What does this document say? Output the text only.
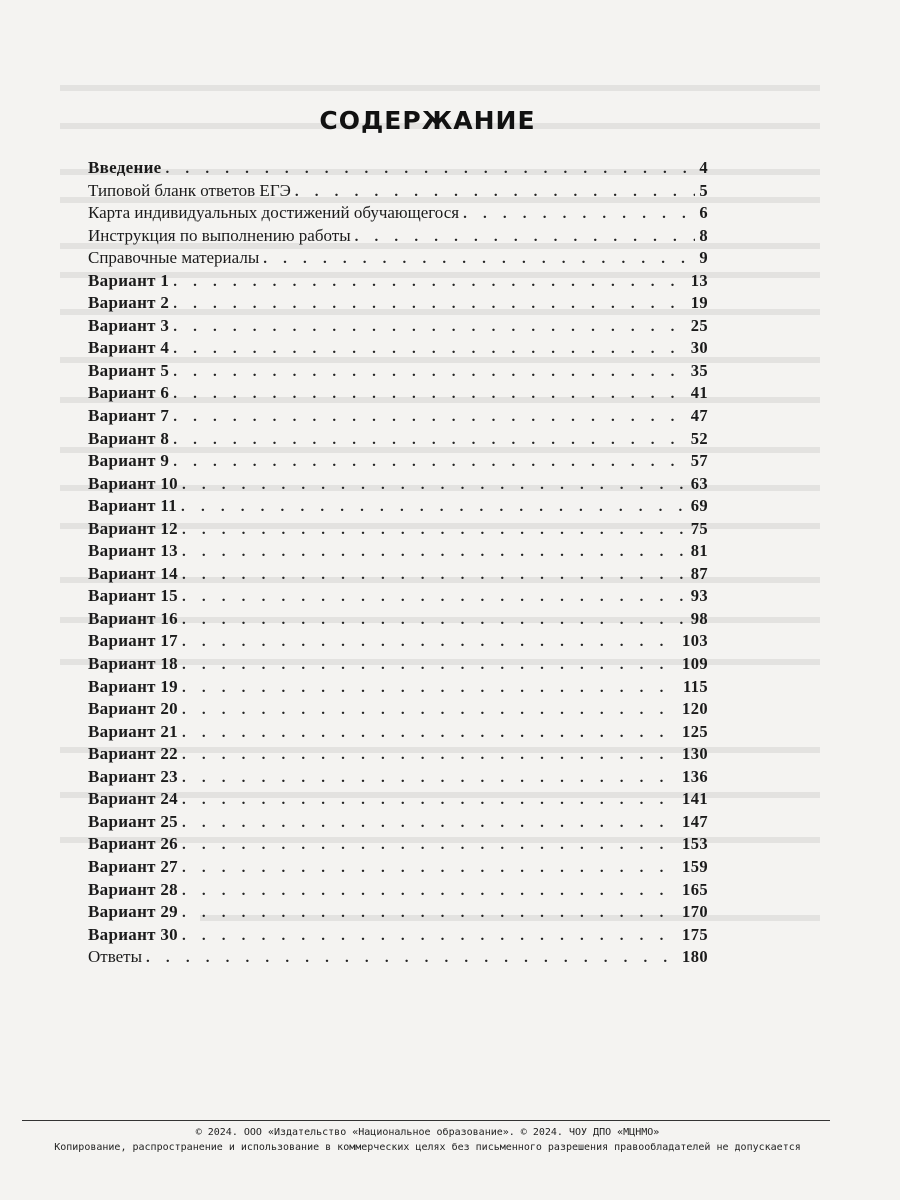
СОДЕРЖАНИЕ
Введение . . .	4
Типовой бланк ответов ЕГЭ . . .	5
Карта индивидуальных достижений обучающегося . . .	6
Инструкция по выполнению работы . . .	8
Справочные материалы . . .	9
Вариант 1 . . .	13
Вариант 2 . . .	19
Вариант 3 . . .	25
Вариант 4 . . .	30
Вариант 5 . . .	35
Вариант 6 . . .	41
Вариант 7 . . .	47
Вариант 8 . . .	52
Вариант 9 . . .	57
Вариант 10 . . .	63
Вариант 11 . . .	69
Вариант 12 . . .	75
Вариант 13 . . .	81
Вариант 14 . . .	87
Вариант 15 . . .	93
Вариант 16 . . .	98
Вариант 17 . . .	103
Вариант 18 . . .	109
Вариант 19 . . .	115
Вариант 20 . . .	120
Вариант 21 . . .	125
Вариант 22 . . .	130
Вариант 23 . . .	136
Вариант 24 . . .	141
Вариант 25 . . .	147
Вариант 26 . . .	153
Вариант 27 . . .	159
Вариант 28 . . .	165
Вариант 29 . . .	170
Вариант 30 . . .	175
Ответы . . .	180
© 2024. ООО «Издательство «Национальное образование». © 2024. ЧОУ ДПО «МЦНМО»
Копирование, распространение и использование в коммерческих целях без письменного разрешения правообладателей не допускается
